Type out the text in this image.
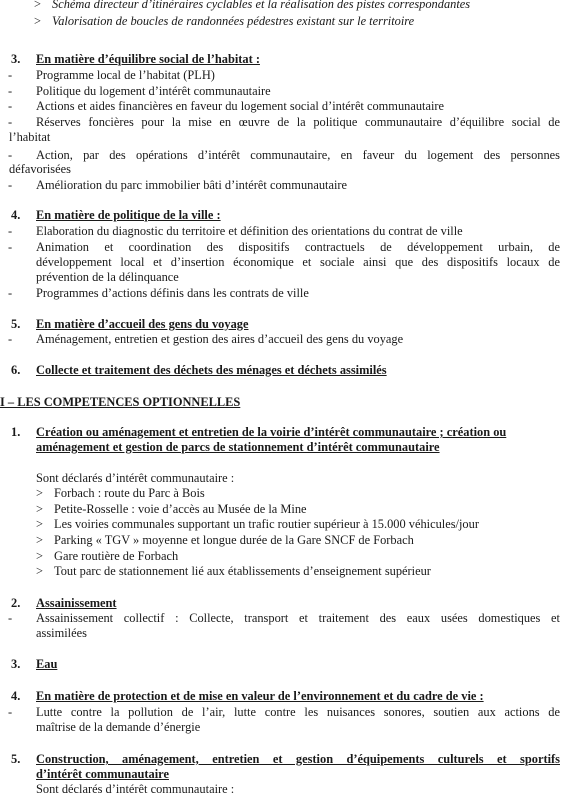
> Schéma directeur d’itinéraires cyclables et la réalisation des pistes correspondantes
> Valorisation de boucles de randonnées pédestres existant sur le territoire
3. En matière d’équilibre social de l’habitat :
- Programme local de l’habitat (PLH)
- Politique du logement d’intérêt communautaire
- Actions et aides financières en faveur du logement social d’intérêt communautaire
- Réserves foncières pour la mise en œuvre de la politique communautaire d’équilibre social de
l’habitat
- Action, par des opérations d’intérêt communautaire, en faveur du logement des personnes
défavorisées
- Amélioration du parc immobilier bâti d’intérêt communautaire
4. En matière de politique de la ville :
- Elaboration du diagnostic du territoire et définition des orientations du contrat de ville
- Animation et coordination des dispositifs contractuels de développement urbain, de
développement local et d’insertion économique et sociale ainsi que des dispositifs locaux de
prévention de la délinquance
- Programmes d’actions définis dans les contrats de ville
5. En matière d’accueil des gens du voyage
- Aménagement, entretien et gestion des aires d’accueil des gens du voyage
6. Collecte et traitement des déchets des ménages et déchets assimilés
I – LES COMPETENCES OPTIONNELLES
1. Création ou aménagement et entretien de la voirie d’intérêt communautaire ; création ou
aménagement et gestion de parcs de stationnement d’intérêt communautaire
Sont déclarés d’intérêt communautaire :
> Forbach : route du Parc à Bois
> Petite-Rosselle : voie d’accès au Musée de la Mine
> Les voiries communales supportant un trafic routier supérieur à 15.000 véhicules/jour
> Parking « TGV » moyenne et longue durée de la Gare SNCF de Forbach
> Gare routière de Forbach
> Tout parc de stationnement lié aux établissements d’enseignement supérieur
2. Assainissement
- Assainissement collectif : Collecte, transport et traitement des eaux usées domestiques et
assimilées
3. Eau
4. En matière de protection et de mise en valeur de l’environnement et du cadre de vie :
- Lutte contre la pollution de l’air, lutte contre les nuisances sonores, soutien aux actions de
maîtrise de la demande d’énergie
5. Construction, aménagement, entretien et gestion d’équipements culturels et sportifs
d’intérêt communautaire
Sont déclarés d’intérêt communautaire :
